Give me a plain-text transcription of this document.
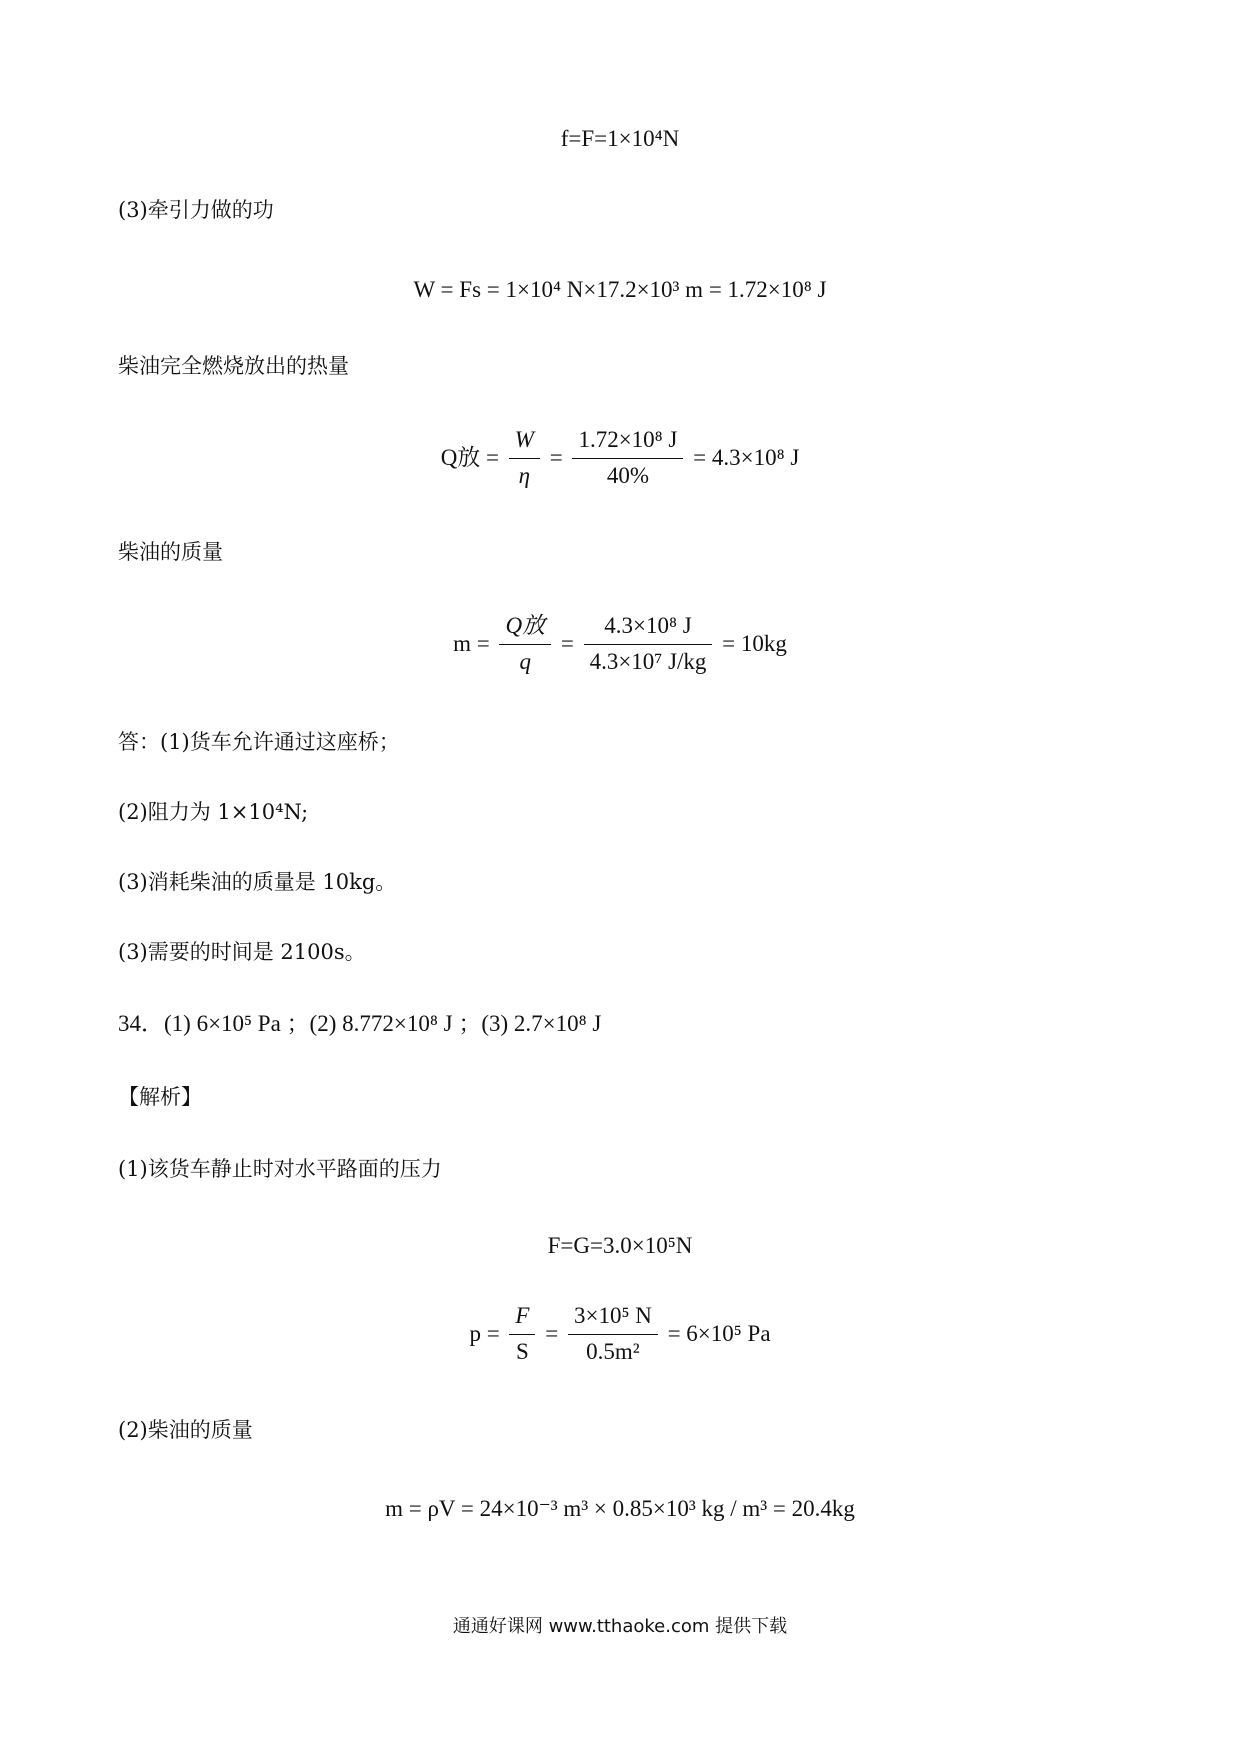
f=F=1×10⁴N
(3)牵引力做的功
W = Fs = 1×10⁴ N×17.2×10³ m = 1.72×10⁸ J
柴油完全燃烧放出的热量
Q放 = $\frac{W}{\eta} = \frac{\text{1.72×10⁸ J}}{40\%} = 4.3\times 10^8$ J
柴油的质量
$m = \frac{\text{Q放}}{q} = \frac{\text{4.3×10⁸ J}}{\text{4.3×10⁷ J/kg}} = 10kg$
答：(1)货车允许通过这座桥；
(2)阻力为 1×10⁴N;
(3)消耗柴油的质量是 10kg。
(3)需要的时间是 2100s。
34．(1) 6×10⁵ Pa ；(2) 8.772×10⁸ J ；(3) 2.7×10⁸ J
【解析】
(1)该货车静止时对水平路面的压力
F=G=3.0×10⁵N
$p = \frac{F}{S} = \frac{\text{3×10⁵ N}}{\text{0.5m²}} = 6\times 10^5$ Pa
(2)柴油的质量
m = ρV = 24×10⁻³ m³ × 0.85×10³ kg / m³ = 20.4kg
通通好课网 www.tthaoke.com 提供下载
